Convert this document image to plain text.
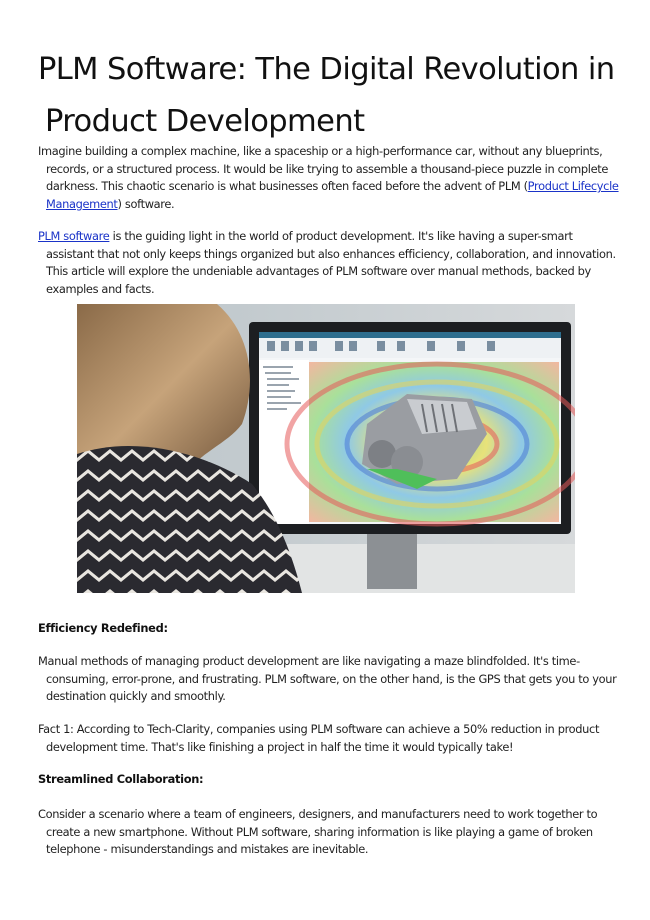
PLM Software: The Digital Revolution in
Product Development

Imagine building a complex machine, like a spaceship or a high-performance car, without any blueprints, records, or a structured process. It would be like trying to assemble a thousand-piece puzzle in complete darkness. This chaotic scenario is what businesses often faced before the advent of PLM (Product Lifecycle Management) software.

PLM software is the guiding light in the world of product development. It's like having a super-smart assistant that not only keeps things organized but also enhances efficiency, collaboration, and innovation. This article will explore the undeniable advantages of PLM software over manual methods, backed by examples and facts.

Efficiency Redefined:

Manual methods of managing product development are like navigating a maze blindfolded. It's time-consuming, error-prone, and frustrating. PLM software, on the other hand, is the GPS that gets you to your destination quickly and smoothly.

Fact 1: According to Tech-Clarity, companies using PLM software can achieve a 50% reduction in product development time. That's like finishing a project in half the time it would typically take!

Streamlined Collaboration:

Consider a scenario where a team of engineers, designers, and manufacturers need to work together to create a new smartphone. Without PLM software, sharing information is like playing a game of broken telephone - misunderstandings and mistakes are inevitable.
